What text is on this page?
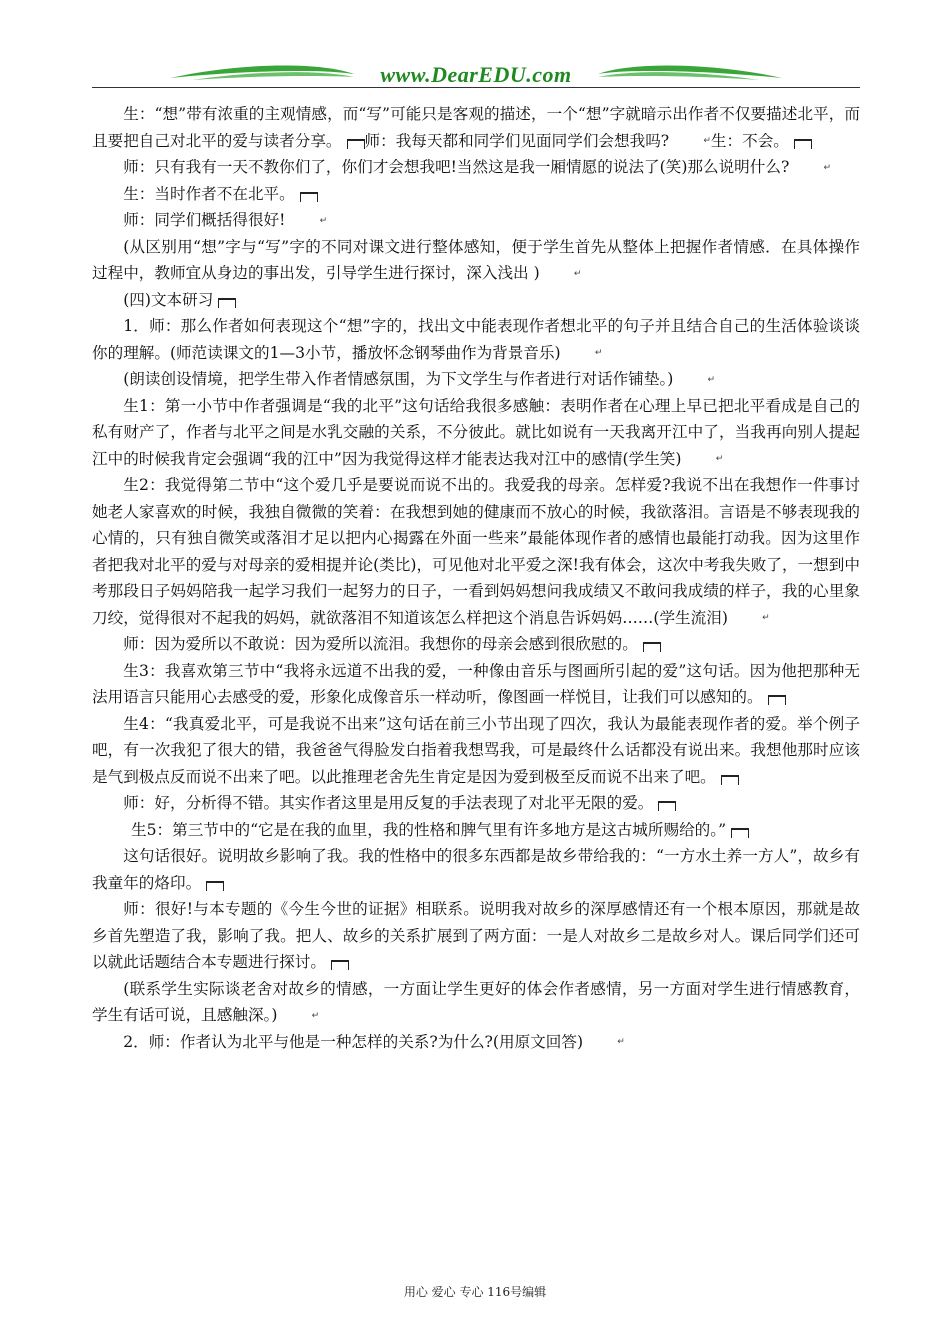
www.DearEDU.com

生：“想”带有浓重的主观情感，而“写”可能只是客观的描述，一个“想”字就暗示出作者不仅要描述北平，而且要把自己对北平的爱与读者分享。 师：我每天都和同学们见面同学们会想我吗?	↵生：不会。

师：只有我有一天不教你们了，你们才会想我吧!当然这是我一厢情愿的说法了(笑)那么说明什么?	↵

生：当时作者不在北平。

师：同学们概括得很好!	↵

(从区别用“想”字与“写”字的不同对课文进行整体感知，便于学生首先从整体上把握作者情感．在具体操作过程中，教师宜从身边的事出发，引导学生进行探讨，深入浅出 )	↵

(四)文本研习

1．师：那么作者如何表现这个“想”字的，找出文中能表现作者想北平的句子并且结合自己的生活体验谈谈你的理解。(师范读课文的1—3小节，播放怀念钢琴曲作为背景音乐)	↵

(朗读创设情境，把学生带入作者情感氛围，为下文学生与作者进行对话作铺垫。)	↵

生1：第一小节中作者强调是“我的北平”这句话给我很多感触：表明作者在心理上早已把北平看成是自己的私有财产了，作者与北平之间是水乳交融的关系，不分彼此。就比如说有一天我离开江中了，当我再向别人提起江中的时候我肯定会强调“我的江中”因为我觉得这样才能表达我对江中的感情(学生笑)	↵

生2：我觉得第二节中“这个爱几乎是要说而说不出的。我爱我的母亲。怎样爱?我说不出在我想作一件事讨她老人家喜欢的时候，我独自微微的笑着：在我想到她的健康而不放心的时候，我欲落泪。言语是不够表现我的心情的，只有独自微笑或落泪才足以把内心揭露在外面一些来”最能体现作者的感情也最能打动我。因为这里作者把我对北平的爱与对母亲的爱相提并论(类比)，可见他对北平爱之深!我有体会，这次中考我失败了，一想到中考那段日子妈妈陪我一起学习我们一起努力的日子，一看到妈妈想问我成绩又不敢问我成绩的样子，我的心里象刀绞，觉得很对不起我的妈妈，就欲落泪不知道该怎么样把这个消息告诉妈妈……(学生流泪)	↵

师：因为爱所以不敢说：因为爱所以流泪。我想你的母亲会感到很欣慰的。

生3：我喜欢第三节中“我将永远道不出我的爱，一种像由音乐与图画所引起的爱”这句话。因为他把那种无法用语言只能用心去感受的爱，形象化成像音乐一样动听，像图画一样悦目，让我们可以感知的。

生4：“我真爱北平，可是我说不出来”这句话在前三小节出现了四次，我认为最能表现作者的爱。举个例子吧，有一次我犯了很大的错，我爸爸气得脸发白指着我想骂我，可是最终什么话都没有说出来。我想他那时应该是气到极点反而说不出来了吧。以此推理老舍先生肯定是因为爱到极至反而说不出来了吧。

师：好，分析得不错。其实作者这里是用反复的手法表现了对北平无限的爱。

生5：第三节中的“它是在我的血里，我的性格和脾气里有许多地方是这古城所赐给的。”

这句话很好。说明故乡影响了我。我的性格中的很多东西都是故乡带给我的：“一方水土养一方人”，故乡有我童年的烙印。

师：很好!与本专题的《今生今世的证据》相联系。说明我对故乡的深厚感情还有一个根本原因，那就是故乡首先塑造了我，影响了我。把人、故乡的关系扩展到了两方面：一是人对故乡二是故乡对人。课后同学们还可以就此话题结合本专题进行探讨。

(联系学生实际谈老舍对故乡的情感，一方面让学生更好的体会作者感情，另一方面对学生进行情感教育，学生有话可说，且感触深。)	↵

2．师：作者认为北平与他是一种怎样的关系?为什么?(用原文回答)	↵

用心 爱心 专心 116号编辑
